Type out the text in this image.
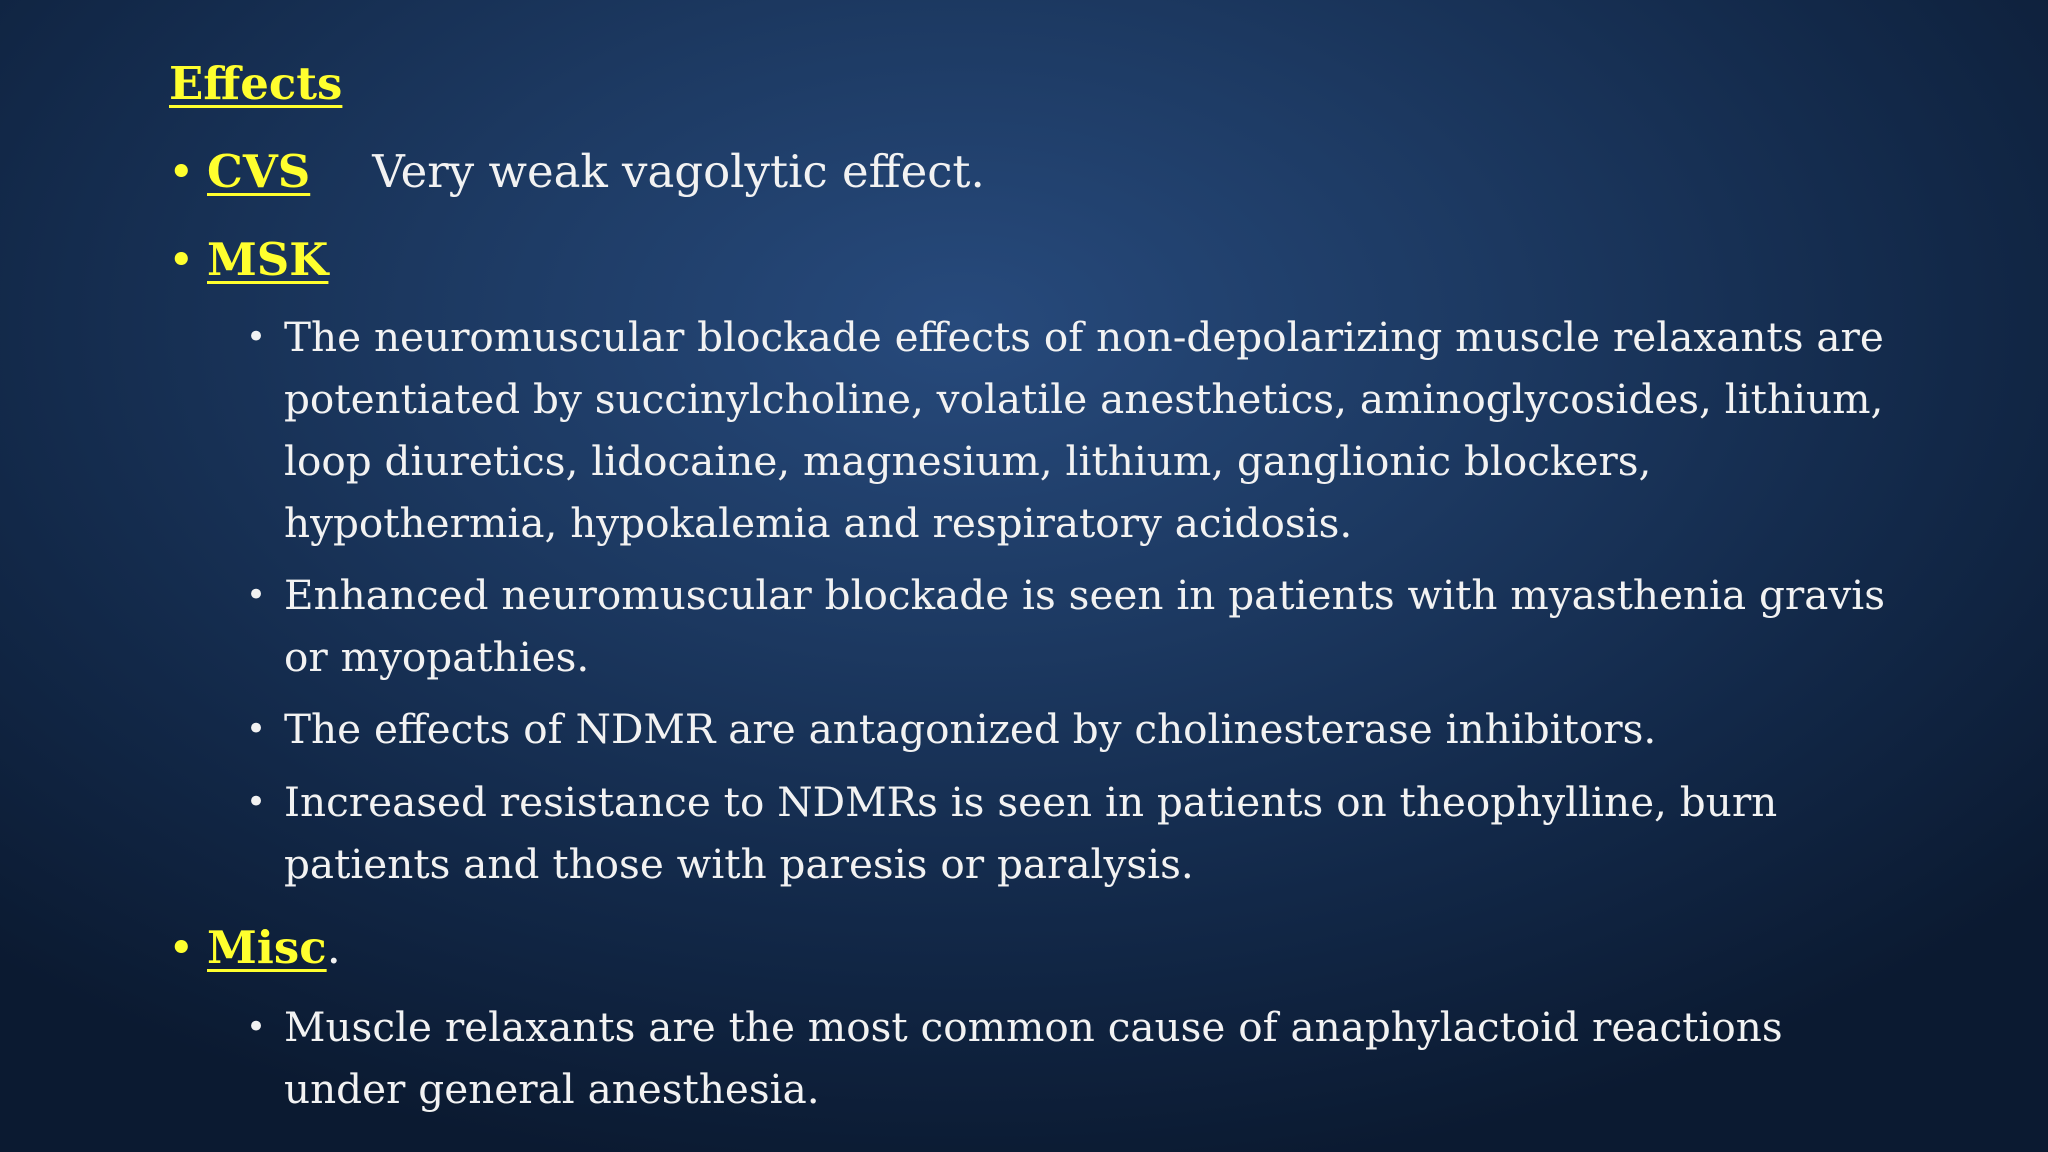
Effects
• CVS Very weak vagolytic effect.
• MSK
• The neuromuscular blockade effects of non-depolarizing muscle relaxants are potentiated by succinylcholine, volatile anesthetics, aminoglycosides, lithium, loop diuretics, lidocaine, magnesium, lithium, ganglionic blockers, hypothermia, hypokalemia and respiratory acidosis.
• Enhanced neuromuscular blockade is seen in patients with myasthenia gravis or myopathies.
• The effects of NDMR are antagonized by cholinesterase inhibitors.
• Increased resistance to NDMRs is seen in patients on theophylline, burn patients and those with paresis or paralysis.
• Misc.
• Muscle relaxants are the most common cause of anaphylactoid reactions under general anesthesia.
